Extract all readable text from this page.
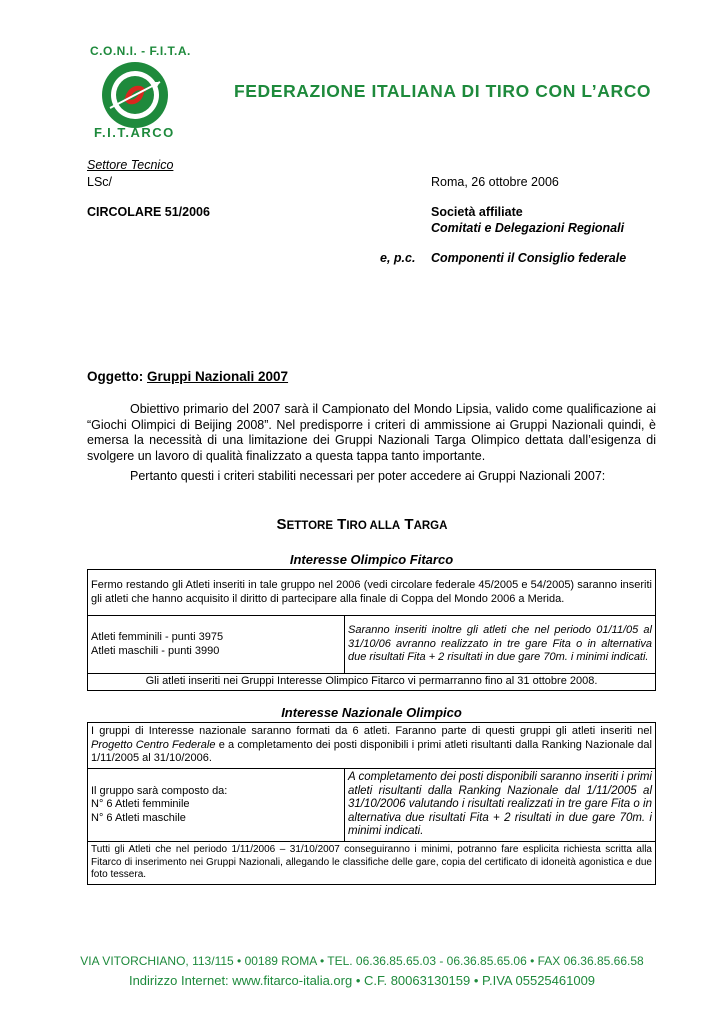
C.O.N.I. - F.I.T.A.
F.I.T.ARCO
FEDERAZIONE ITALIANA DI TIRO CON L’ARCO
Settore Tecnico
LSc/	Roma, 26 ottobre 2006
CIRCOLARE 51/2006	Società affiliate
Comitati e Delegazioni Regionali
e, p.c. Componenti il Consiglio federale
Oggetto: Gruppi Nazionali 2007

Obiettivo primario del 2007 sarà il Campionato del Mondo Lipsia, valido come qualificazione ai “Giochi Olimpici di Beijing 2008”. Nel predisporre i criteri di ammissione ai Gruppi Nazionali quindi, è emersa la necessità di una limitazione dei Gruppi Nazionali Targa Olimpico dettata dall’esigenza di svolgere un lavoro di qualità finalizzato a questa tappa tanto importante.

Pertanto questi i criteri stabiliti necessari per poter accedere ai Gruppi Nazionali 2007:

SETTORE TIRO ALLA TARGA
Interesse Olimpico Fitarco
Fermo restando gli Atleti inseriti in tale gruppo nel 2006 (vedi circolare federale 45/2005 e 54/2005) saranno inseriti gli atleti che hanno acquisito il diritto di partecipare alla finale di Coppa del Mondo 2006 a Merida.

Atleti femminili - punti 3975
Atleti maschili - punti 3990
	Saranno inseriti inoltre gli atleti che nel periodo 01/11/05 al 31/10/06 avranno realizzato in tre gare Fita o in alternativa due risultati Fita + 2 risultati in due gare 70m. i minimi indicati.
Gli atleti inseriti nei Gruppi Interesse Olimpico Fitarco vi permarranno fino al 31 ottobre 2008.
Interesse Nazionale Olimpico
I gruppi di Interesse nazionale saranno formati da 6 atleti. Faranno parte di questi gruppi gli atleti inseriti nel Progetto Centro Federale e a completamento dei posti disponibili i primi atleti risultanti dalla Ranking Nazionale dal 1/11/2005 al 31/10/2006.

Il gruppo sarà composto da:
N° 6 Atleti femminile
N° 6 Atleti maschile
	A completamento dei posti disponibili saranno inseriti i primi atleti risultanti dalla Ranking Nazionale dal 1/11/2005 al 31/10/2006 valutando i risultati realizzati in tre gare Fita o in alternativa due risultati Fita + 2 risultati in due gare 70m. i minimi indicati.
Tutti gli Atleti che nel periodo 1/11/2006 – 31/10/2007 conseguiranno i minimi, potranno fare esplicita richiesta scritta alla Fitarco di inserimento nei Gruppi Nazionali, allegando le classifiche delle gare, copia del certificato di idoneità agonistica e due foto tessera.
VIA VITORCHIANO, 113/115 • 00189 ROMA • TEL. 06.36.85.65.03 - 06.36.85.65.06 • FAX 06.36.85.66.58
Indirizzo Internet: www.fitarco-italia.org • C.F. 80063130159 • P.IVA 05525461009
